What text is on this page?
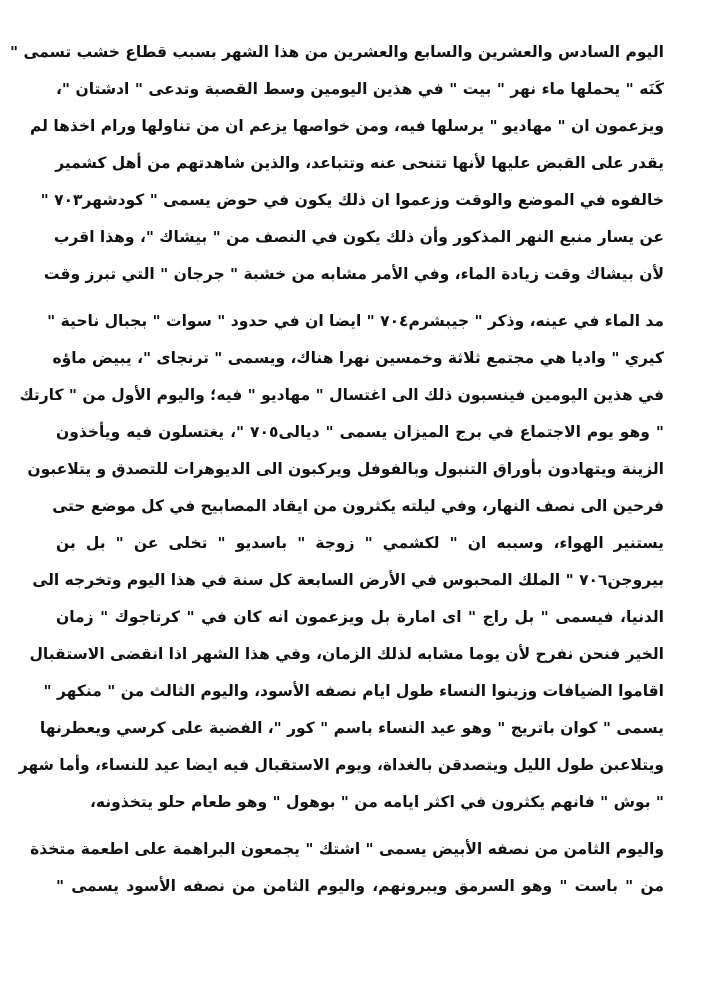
اليوم السادس والعشرين والسابع والعشرين من هذا الشهر بسبب قطاع خشب تسمى "
كَنَه " يحملها ماء نهر " بيت " في هذين اليومين وسط القصبة وتدعى " ادشتان "،
ويزعمون ان " مهاديو " يرسلها فيه، ومن خواصها يزعم ان من تناولها ورام اخذها لم
يقدر على القبض عليها لأنها تتنحى عنه وتتباعد، والذين شاهدتهم من أهل كشمير
خالفوه في الموضع والوقت وزعموا ان ذلك يكون في حوض يسمى " كودشهر٧٠٣ "
عن يسار منبع النهر المذكور وأن ذلك يكون في النصف من " بيشاك "، وهذا اقرب
لأن بيشاك وقت زيادة الماء، وفي الأمر مشابه من خشبة " جرجان " التي تبرز وقت
مد الماء في عينه، وذكر " جيبشرم٧٠٤ " ايضا ان في حدود " سوات " بجبال ناحية "
كيري " واديا هي مجتمع ثلاثة وخمسين نهرا هناك، ويسمى " ترنجاى "، يبيض ماؤه
في هذين اليومين فينسبون ذلك الى اغتسال " مهاديو " فيه؛ واليوم الأول من " كارتك
" وهو يوم الاجتماع في برج الميزان يسمى " ديالى٧٠٥ "، يغتسلون فيه ويأخذون
الزينة ويتهادون بأوراق التنبول وبالفوفل ويركبون الى الديوهرات للتصدق و يتلاعبون
فرحين الى نصف النهار، وفي ليلته يكثرون من ايقاد المصابيح في كل موضع حتى
يستنير الهواء، وسببه ان " لكشمي " زوجة " باسديو " تخلى عن " بل بن
بيروجن٧٠٦ " الملك المحبوس في الأرض السابعة كل سنة في هذا اليوم وتخرجه الى
الدنيا، فيسمى " بل راج " اى امارة بل ويزعمون انه كان في " كرتاجوك " زمان
الخير فنحن نفرح لأن يوما مشابه لذلك الزمان، وفي هذا الشهر اذا انقضى الاستقبال
اقاموا الضيافات وزينوا النساء طول ايام نصفه الأسود، واليوم الثالث من " منكهر "
يسمى " كوان باتريج " وهو عيد النساء باسم " كور "، الفضية على كرسي ويعطرنها
ويتلاعبن طول الليل ويتصدقن بالغداة، ويوم الاستقبال فيه ايضا عيد للنساء، وأما شهر
" بوش " فانهم يكثرون في اكثر ايامه من " بوهول " وهو طعام حلو يتخذونه،
واليوم الثامن من نصفه الأبيض يسمى " اشتك " يجمعون البراهمة على اطعمة متخذة
من " باست " وهو السرمق ويبرونهم، واليوم الثامن من نصفه الأسود يسمى "
